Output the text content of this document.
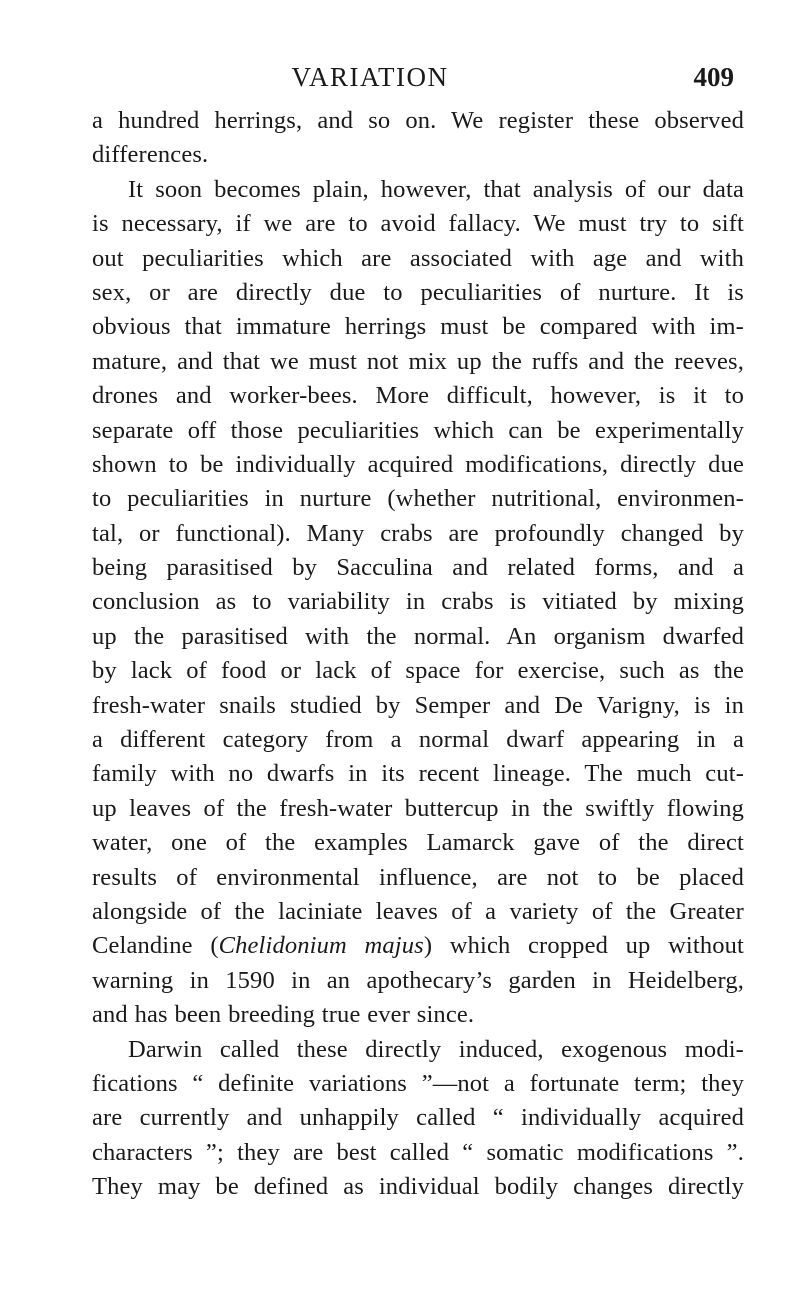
VARIATION	409
a hundred herrings, and so on. We register these observed
differences.
It soon becomes plain, however, that analysis of our data
is necessary, if we are to avoid fallacy. We must try to sift
out peculiarities which are associated with age and with
sex, or are directly due to peculiarities of nurture. It is
obvious that immature herrings must be compared with im-
mature, and that we must not mix up the ruffs and the reeves,
drones and worker-bees. More difficult, however, is it to
separate off those peculiarities which can be experimentally
shown to be individually acquired modifications, directly due
to peculiarities in nurture (whether nutritional, environmen-
tal, or functional). Many crabs are profoundly changed by
being parasitised by Sacculina and related forms, and a
conclusion as to variability in crabs is vitiated by mixing
up the parasitised with the normal. An organism dwarfed
by lack of food or lack of space for exercise, such as the
fresh-water snails studied by Semper and De Varigny, is in
a different category from a normal dwarf appearing in a
family with no dwarfs in its recent lineage. The much cut-
up leaves of the fresh-water buttercup in the swiftly flowing
water, one of the examples Lamarck gave of the direct
results of environmental influence, are not to be placed
alongside of the laciniate leaves of a variety of the Greater
Celandine (Chelidonium majus) which cropped up without
warning in 1590 in an apothecary’s garden in Heidelberg,
and has been breeding true ever since.
Darwin called these directly induced, exogenous modi-
fications “ definite variations ”—not a fortunate term; they
are currently and unhappily called “ individually acquired
characters ”; they are best called “ somatic modifications ”.
They may be defined as individual bodily changes directly
